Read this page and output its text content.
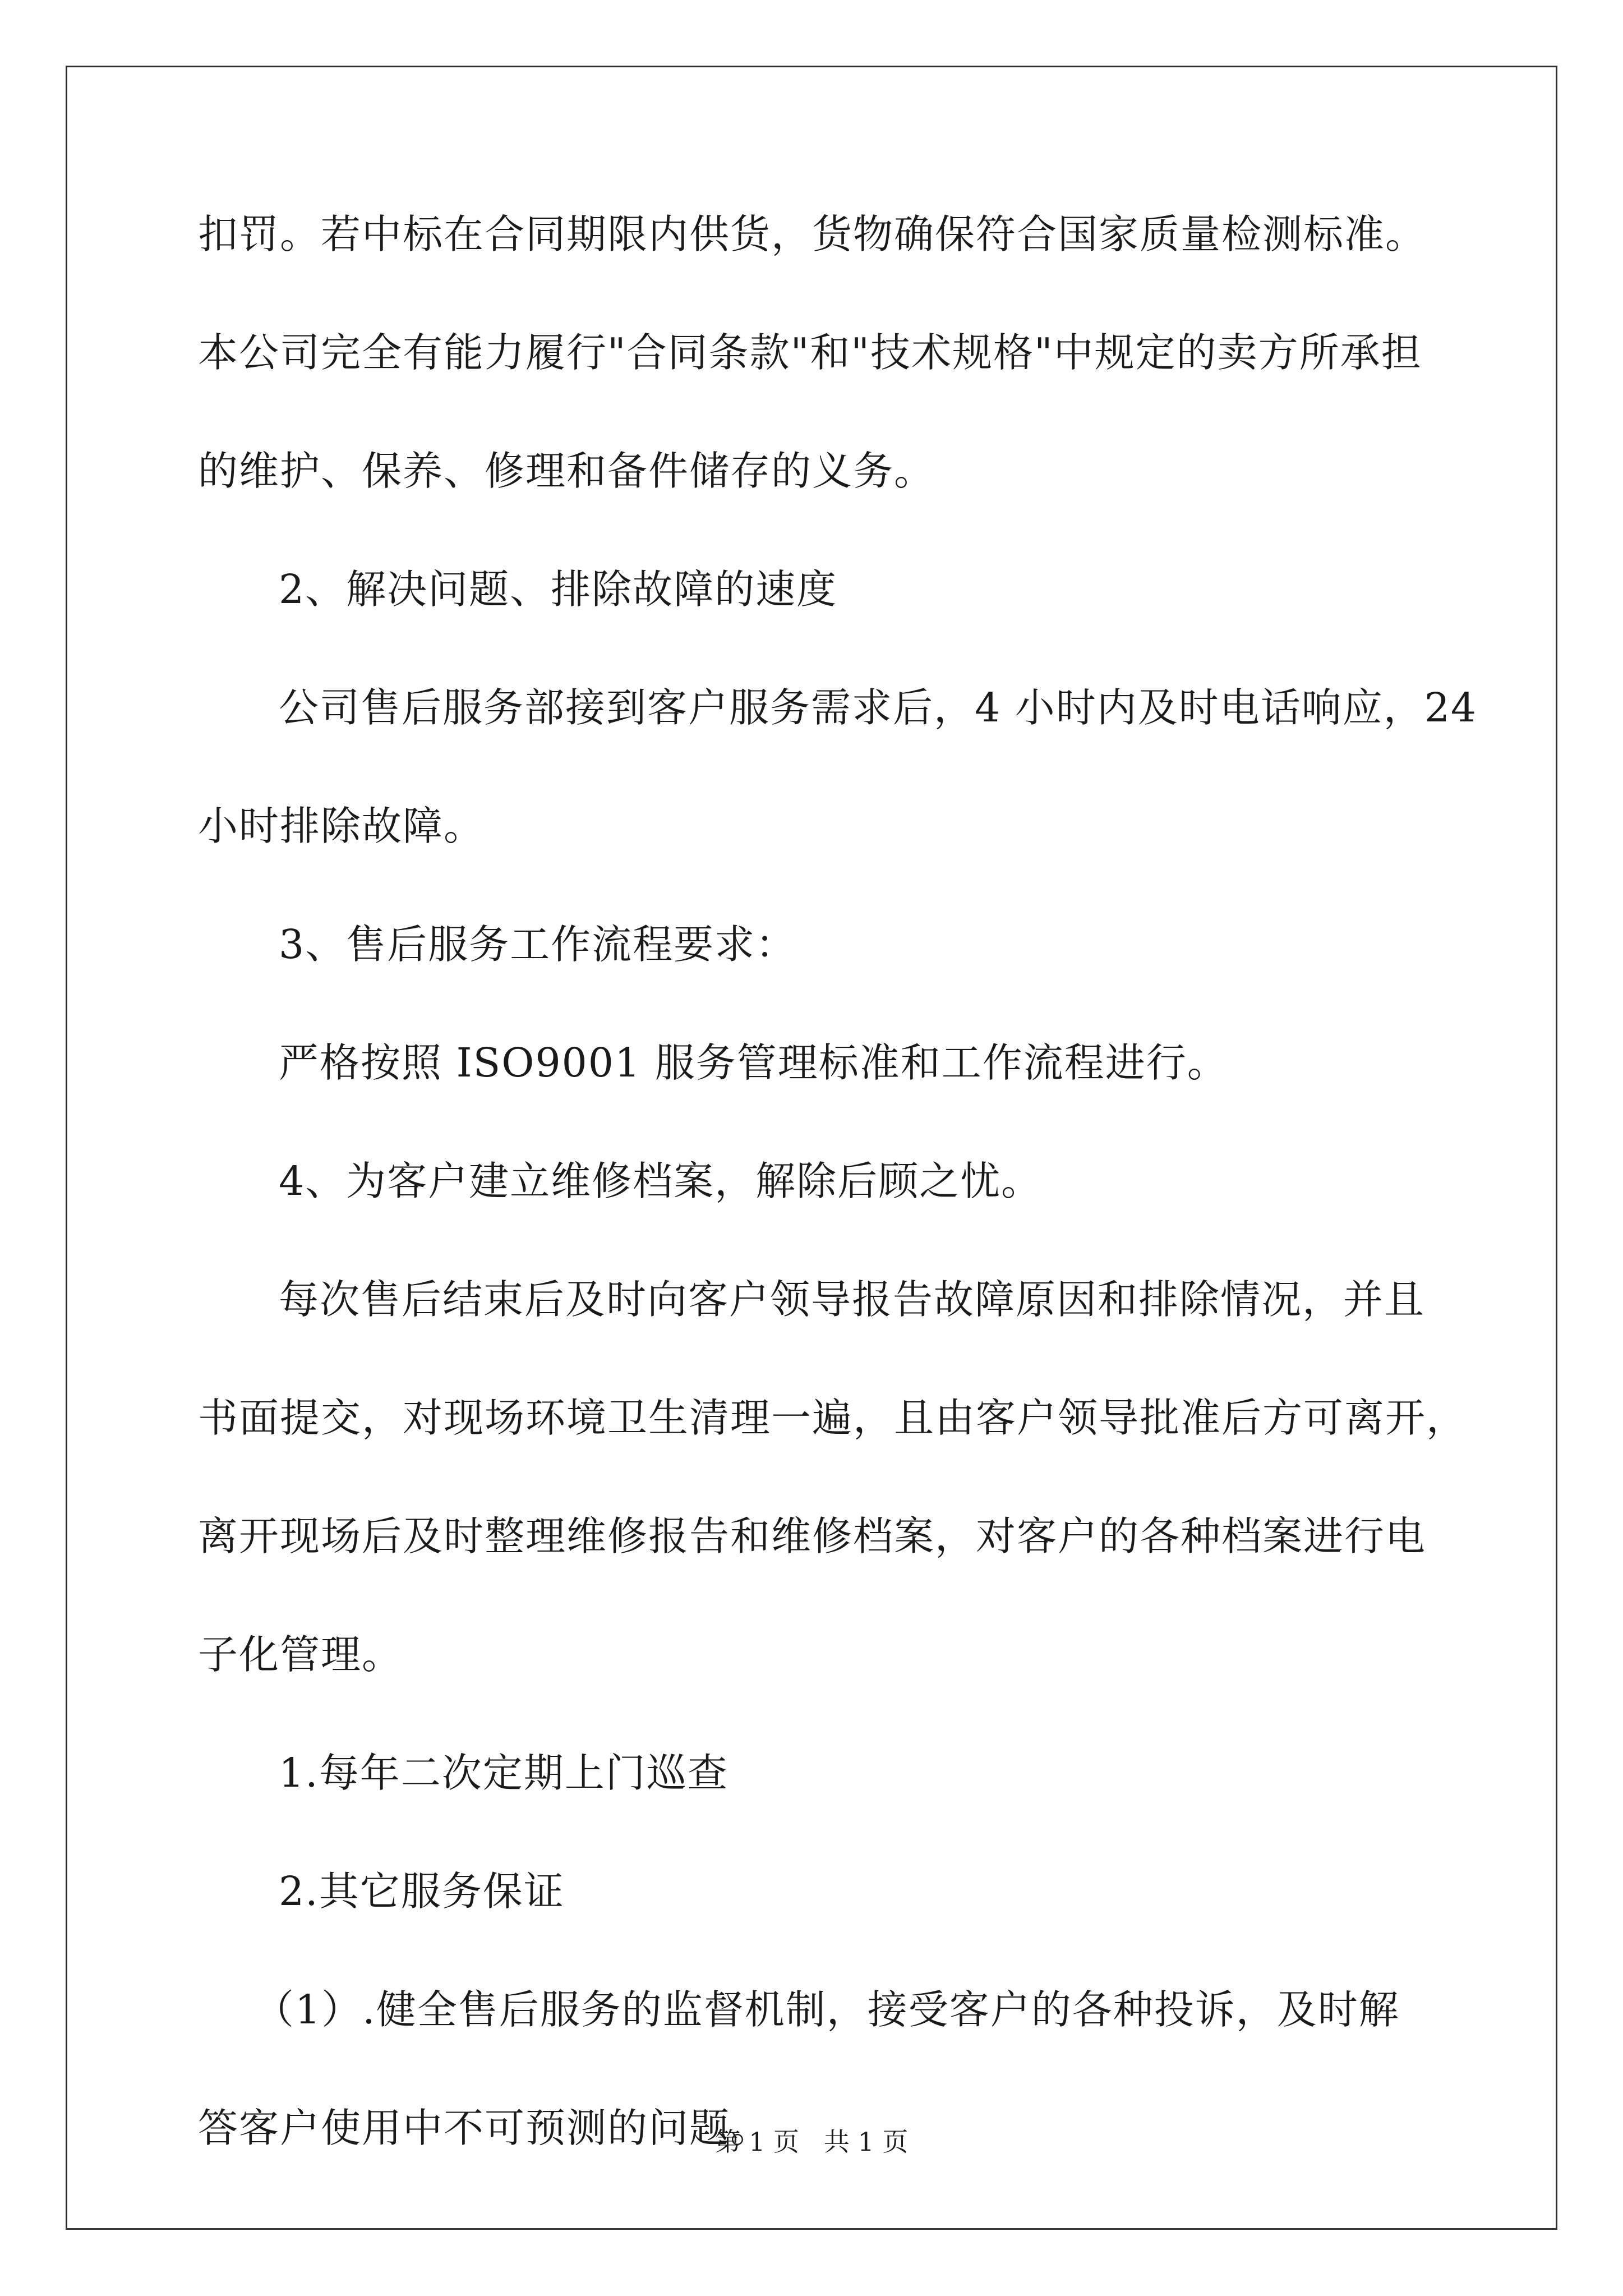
扣罚。若中标在合同期限内供货，货物确保符合国家质量检测标准。
本公司完全有能力履行"合同条款"和"技术规格"中规定的卖方所承担
的维护、保养、修理和备件储存的义务。
2、解决问题、排除故障的速度
公司售后服务部接到客户服务需求后，4 小时内及时电话响应，24
小时排除故障。
3、售后服务工作流程要求：
严格按照 ISO9001 服务管理标准和工作流程进行。
4、为客户建立维修档案，解除后顾之忧。
每次售后结束后及时向客户领导报告故障原因和排除情况，并且
书面提交，对现场环境卫生清理一遍，且由客户领导批准后方可离开，
离开现场后及时整理维修报告和维修档案，对客户的各种档案进行电
子化管理。
1.每年二次定期上门巡查
2.其它服务保证
（1）.健全售后服务的监督机制，接受客户的各种投诉，及时解
答客户使用中不可预测的问题。
第 1 页   共 1 页
